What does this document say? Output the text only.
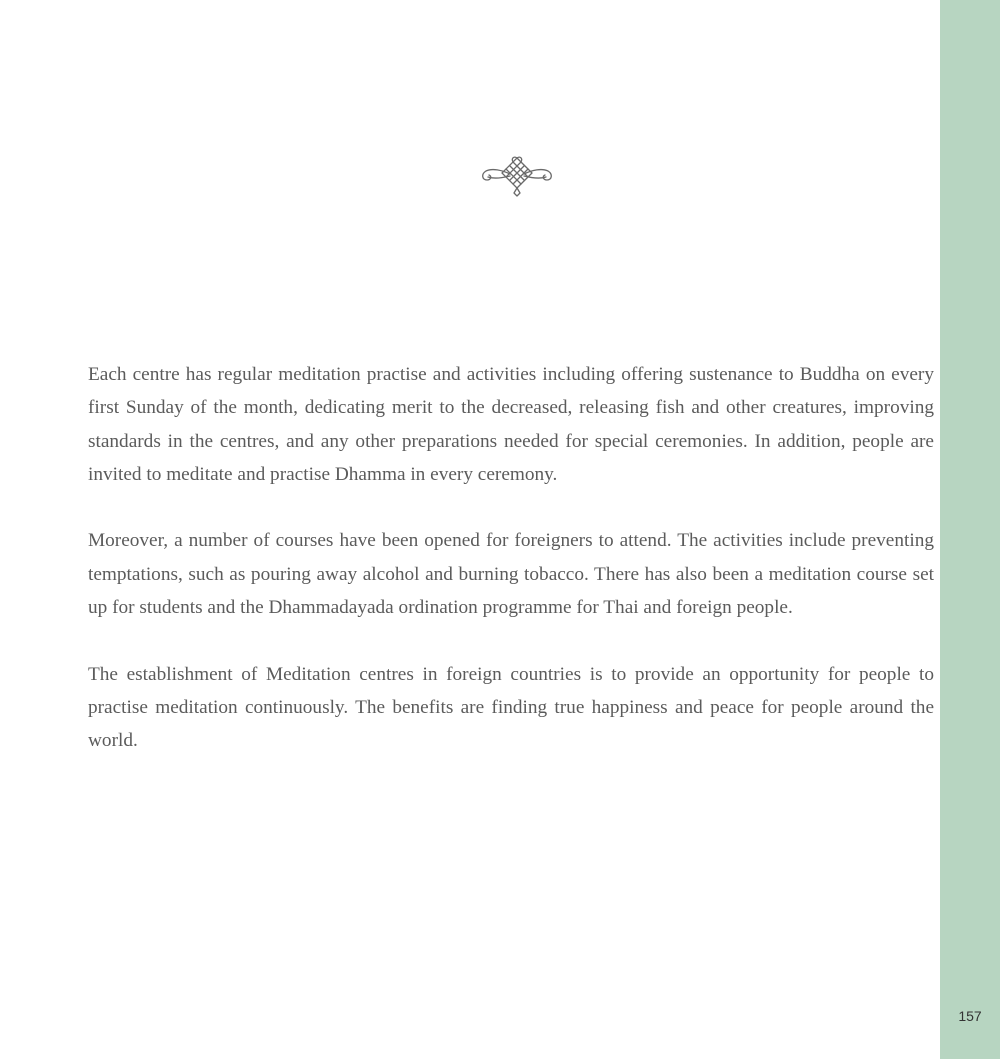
Each centre has regular meditation practise and activities including offering sustenance to Buddha on every first Sunday of the month, dedicating merit to the decreased, releasing fish and other creatures, improving standards in the centres, and any other preparations needed for special ceremonies. In addition, people are invited to meditate and practise Dhamma in every ceremony.

Moreover, a number of courses have been opened for foreigners to attend. The activities include preventing temptations, such as pouring away alcohol and burning tobacco. There has also been a meditation course set up for students and the Dhammadayada ordination programme for Thai and foreign people.

The establishment of Meditation centres in foreign countries is to provide an opportunity for people to practise meditation continuously. The benefits are finding true happiness and peace for people around the world.

157
